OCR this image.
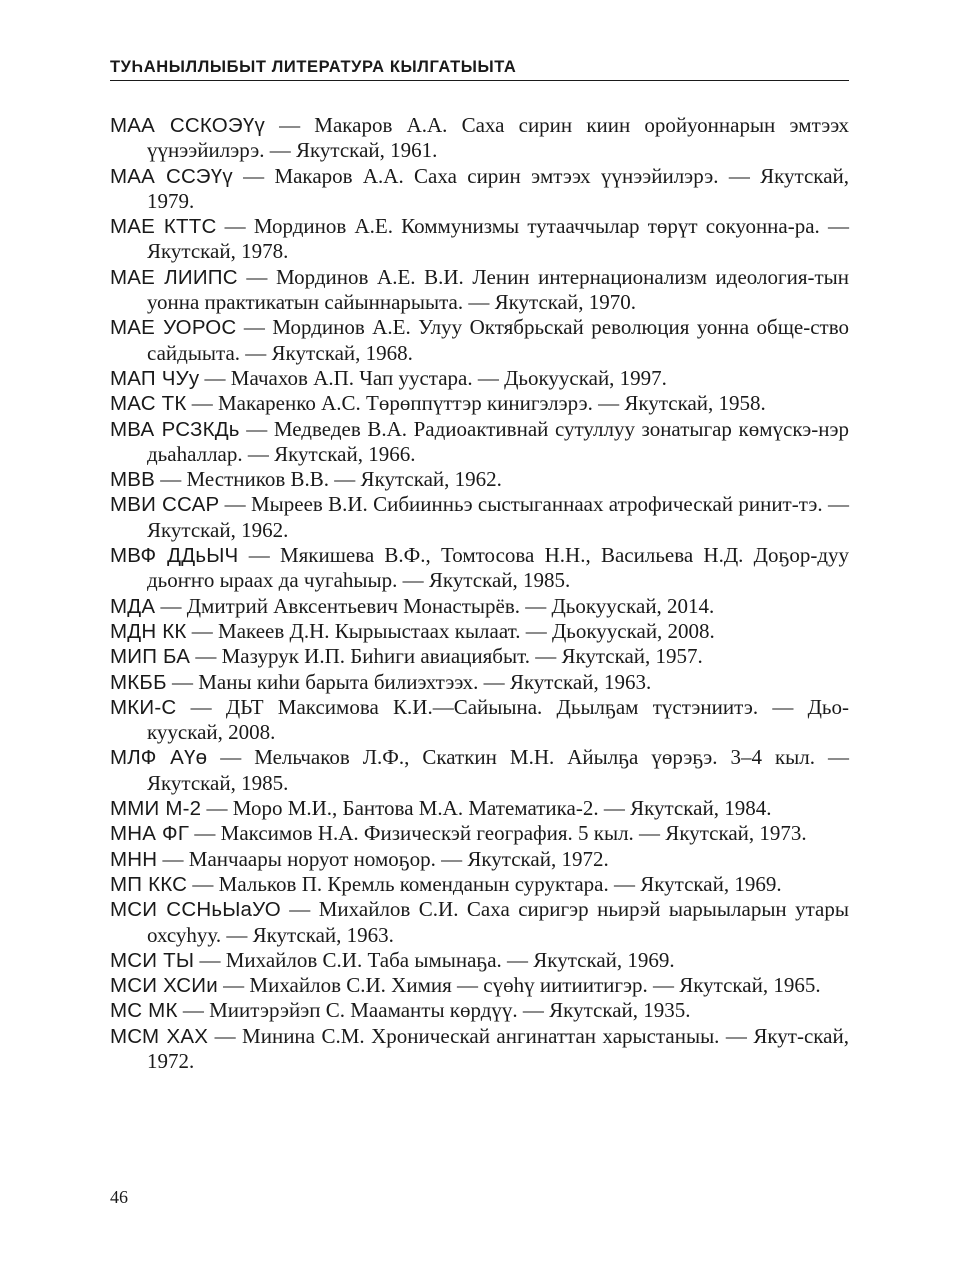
ТУҺАНЫЛЛЫБЫТ ЛИТЕРАТУРА КЫЛГАТЫЫТА

МАА ССКОЭҮү — Макаров А.А. Саха сирин киин оройуоннарын эмтээх үүнээйилэрэ. — Якутскай, 1961.

МАА ССЭҮү — Макаров А.А. Саха сирин эмтээх үүнээйилэрэ. — Якутскай, 1979.

МАЕ КТТС — Мординов А.Е. Коммунизмы тутааччылар төрүт сокуонна-ра. — Якутскай, 1978.

МАЕ ЛИИПС — Мординов А.Е. В.И. Ленин интернационализм идеология-тын уонна практикатын сайыннарыыта. — Якутскай, 1970.

МАЕ УОРОС — Мординов А.Е. Улуу Октябрьскай революция уонна обще-ство сайдыыта. — Якутскай, 1968.

МАП ЧУу — Мачахов А.П. Чап уустара. — Дьокуускай, 1997.

МАС ТК — Макаренко А.С. Төрөппүттэр кинигэлэрэ. — Якутскай, 1958.

МВА РСЗКДь — Медведев В.А. Радиоактивнай сутуллуу зонатыгар көмүскэ-нэр дьаһаллар. — Якутскай, 1966.

МВВ — Местников В.В. — Якутскай, 1962.

МВИ ССАР — Мыреев В.И. Сибиинньэ сыстыганнаах атрофическай ринит-тэ. — Якутскай, 1962.

МВФ ДДьЫЧ — Мякишева В.Ф., Томтосова Н.Н., Васильева Н.Д. Доҕор-дуу дьоҥҥо ыраах да чугаһыыр. — Якутскай, 1985.

МДА — Дмитрий Авксентьевич Монастырёв. — Дьокуускай, 2014.

МДН КК — Макеев Д.Н. Кырыыстаах кылаат. — Дьокуускай, 2008.

МИП БА — Мазурук И.П. Биһиги авиациябыт. — Якутскай, 1957.

МКББ — Маны киһи барыта билиэхтээх. — Якутскай, 1963.

МКИ-С — ДЬТ Максимова К.И.—Сайыына. Дьылҕам түстэниитэ. — Дьо-куускай, 2008.

МЛФ АҮө — Мельчаков Л.Ф., Скаткин М.Н. Айылҕа үөрэҕэ. 3–4 кыл. — Якутскай, 1985.

ММИ М-2 — Моро М.И., Бантова М.А. Математика-2. — Якутскай, 1984.

МНА ФГ — Максимов Н.А. Физическэй география. 5 кыл. — Якутскай, 1973.

МНН — Манчаары норуот номоҕор. — Якутскай, 1972.

МП ККС — Мальков П. Кремль коменданын суруктара. — Якутскай, 1969.

МСИ ССНьЫаУО — Михайлов С.И. Саха сиригэр ньирэй ыарыыларын утары охсуһуу. — Якутскай, 1963.

МСИ ТЫ — Михайлов С.И. Таба ымынаҕа. — Якутскай, 1969.

МСИ ХСИи — Михайлов С.И. Химия — сүөһү иитиитигэр. — Якутскай, 1965.

МС МК — Миитэрэйэп С. Мааманты көрдүү. — Якутскай, 1935.

МСМ ХАХ — Минина С.М. Хроническай ангинаттан харыстаныы. — Якут-скай, 1972.

46
